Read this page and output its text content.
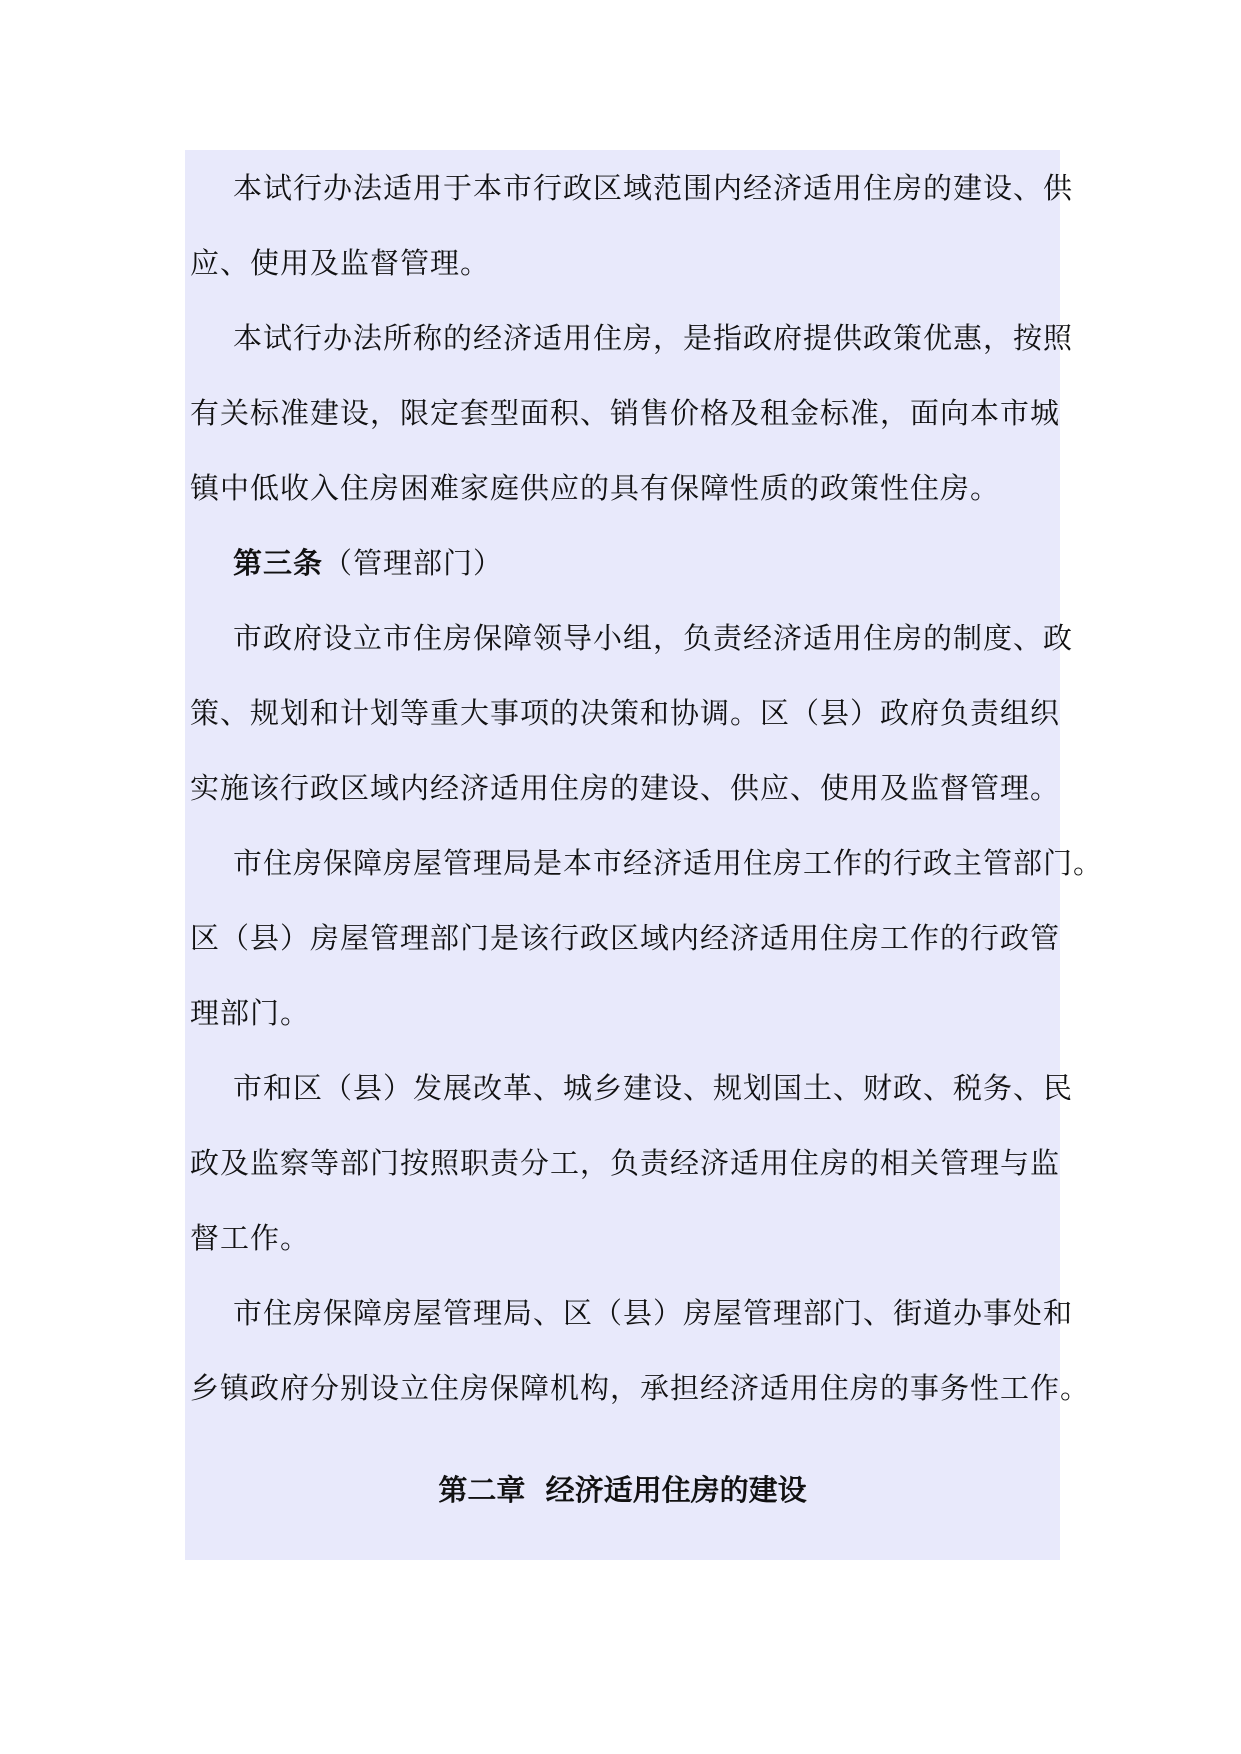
本试行办法适用于本市行政区域范围内经济适用住房的建设、供
应、使用及监督管理。
本试行办法所称的经济适用住房，是指政府提供政策优惠，按照
有关标准建设，限定套型面积、销售价格及租金标准，面向本市城
镇中低收入住房困难家庭供应的具有保障性质的政策性住房。
第三条（管理部门）
市政府设立市住房保障领导小组，负责经济适用住房的制度、政
策、规划和计划等重大事项的决策和协调。区（县）政府负责组织
实施该行政区域内经济适用住房的建设、供应、使用及监督管理。
市住房保障房屋管理局是本市经济适用住房工作的行政主管部门。
区（县）房屋管理部门是该行政区域内经济适用住房工作的行政管
理部门。
市和区（县）发展改革、城乡建设、规划国土、财政、税务、民
政及监察等部门按照职责分工，负责经济适用住房的相关管理与监
督工作。
市住房保障房屋管理局、区（县）房屋管理部门、街道办事处和
乡镇政府分别设立住房保障机构，承担经济适用住房的事务性工作。
第二章  经济适用住房的建设
